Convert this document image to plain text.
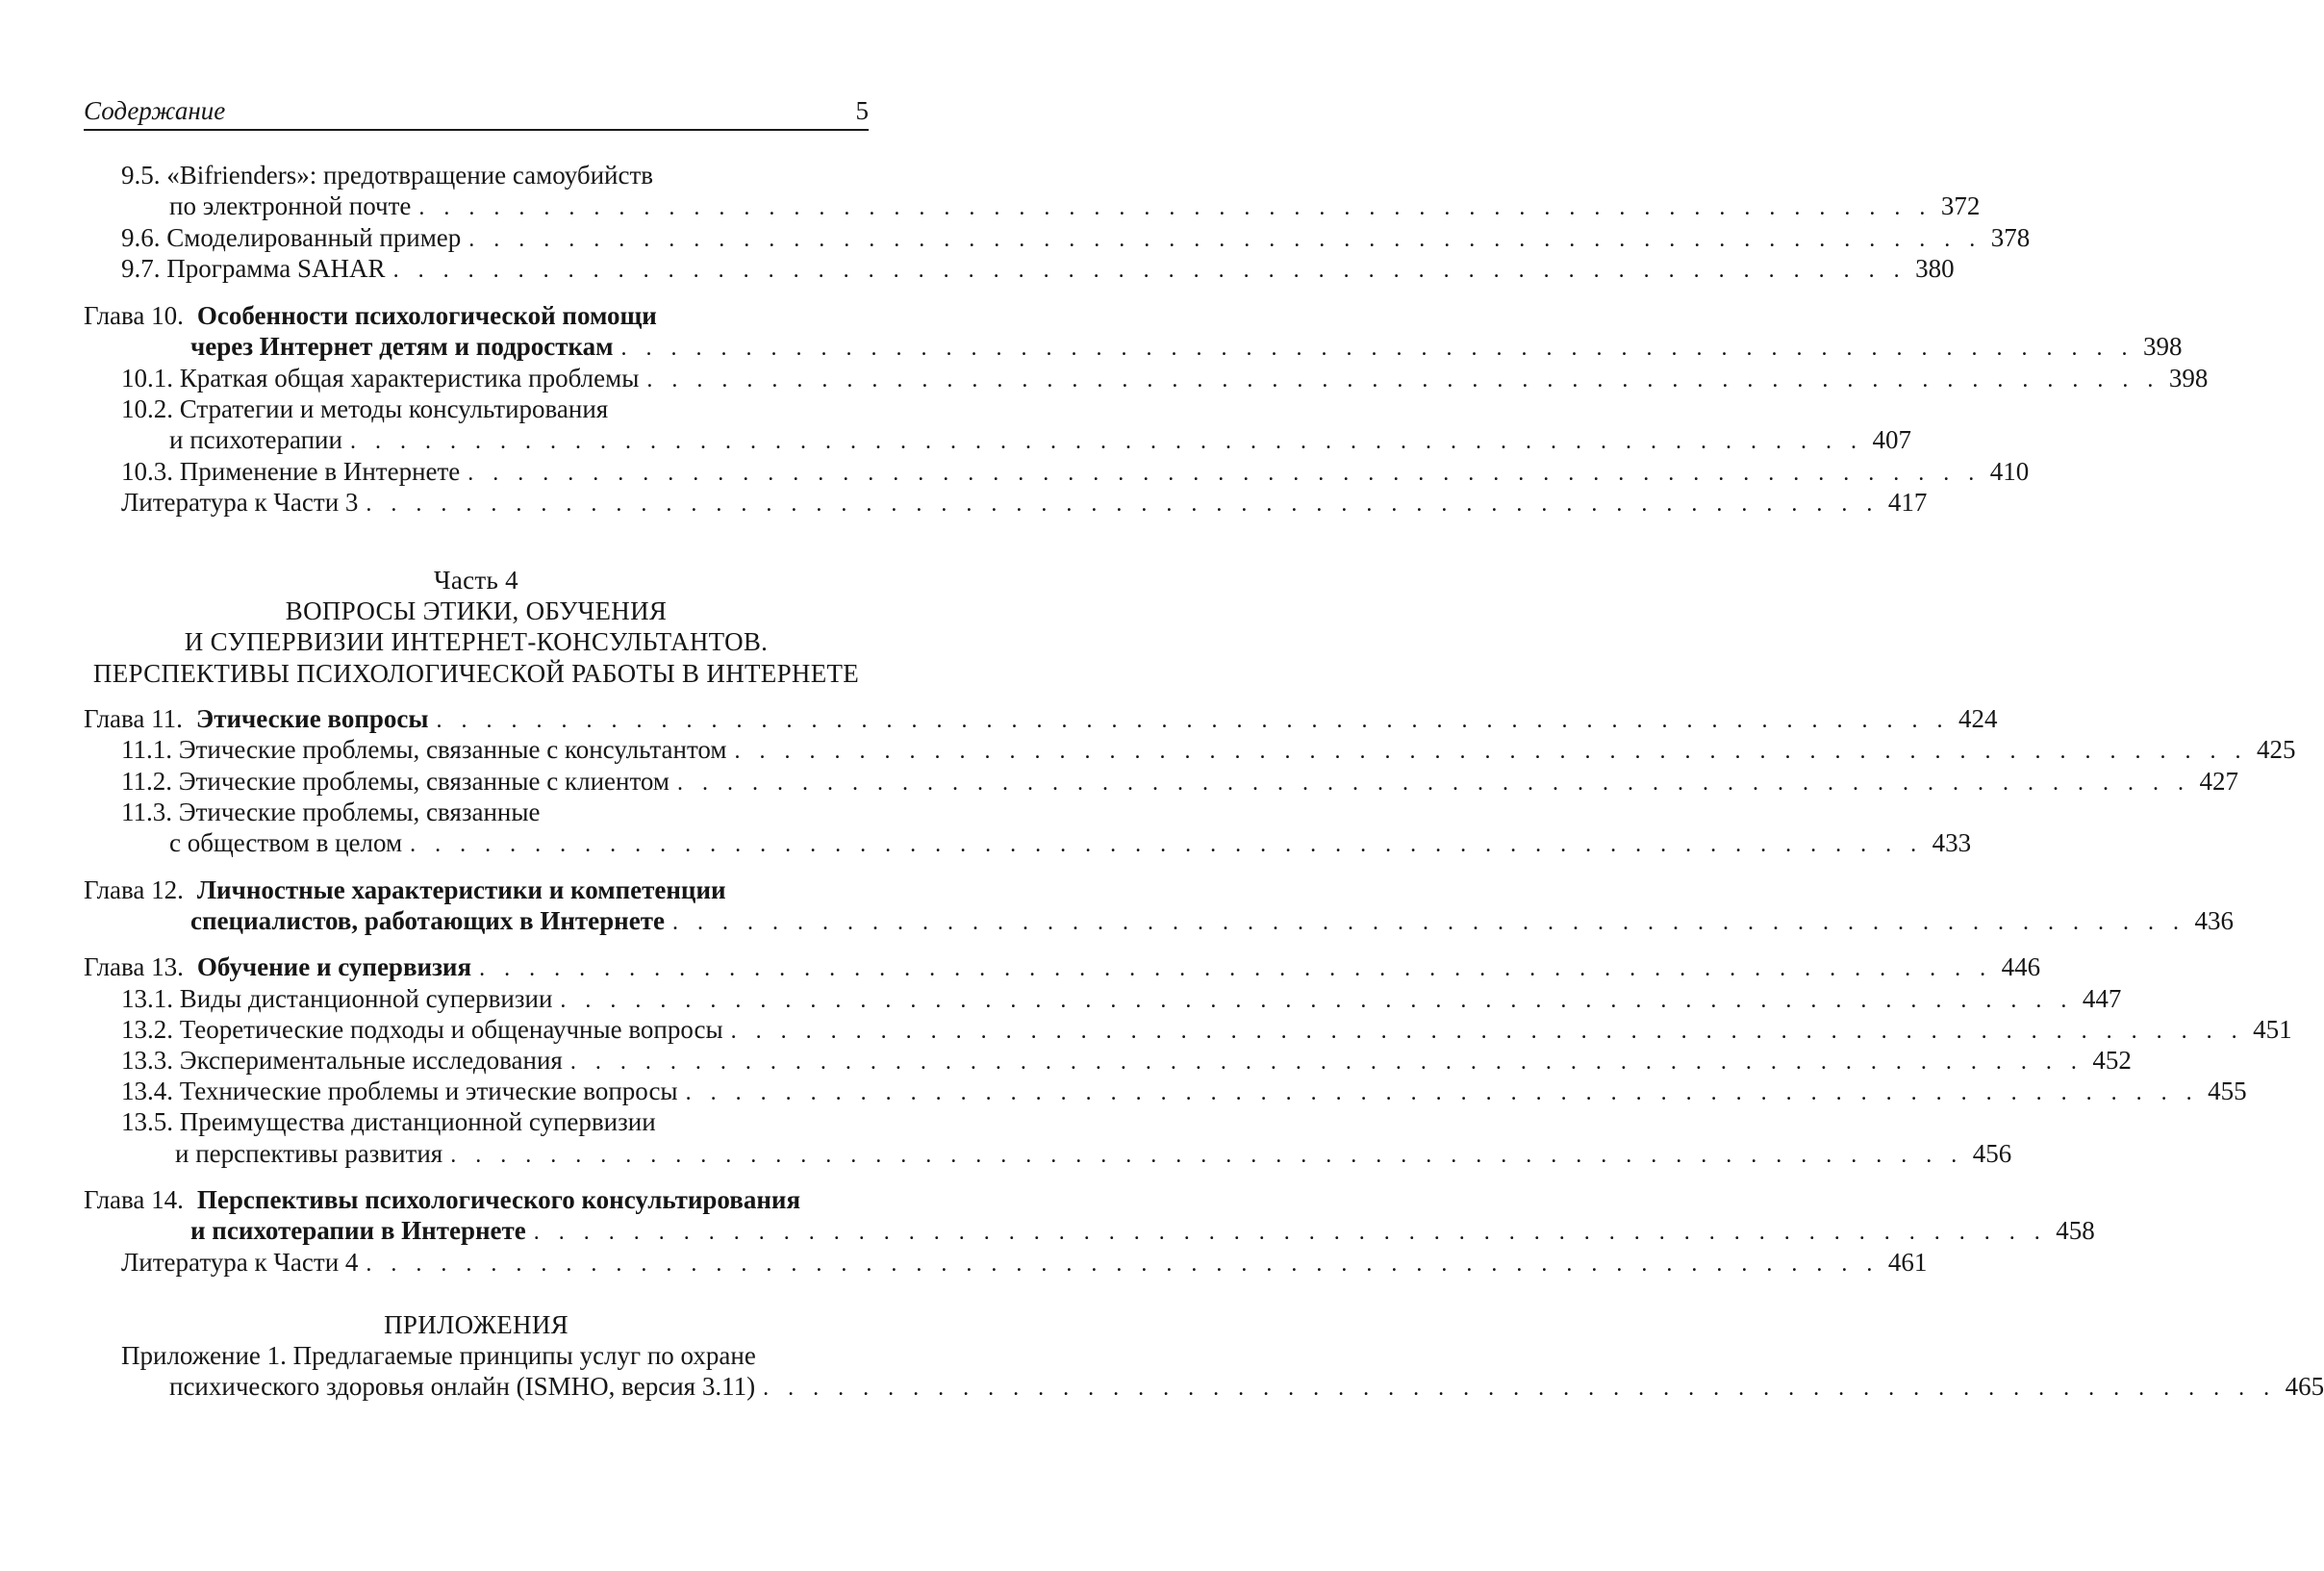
Содержание	5
9.5. «Bifrienders»: предотвращение самоубийств
по электронной почте . . . . . . . . . . . . . . . . . . . . . . . . . . . . . . . . . . . . . . . . . . . . . . . . . . . . . . . . . . . . . 372
9.6. Смоделированный пример . . . . . . . . . . . . . . . . . . . . . . . . . . . . . . . . . . . . . . . . . . . . . . . . . . . . . . . . . . . . . 378
9.7. Программа SAHAR . . . . . . . . . . . . . . . . . . . . . . . . . . . . . . . . . . . . . . . . . . . . . . . . . . . . . . . . . . . . . 380
Глава 10. Особенности психологической помощи
через Интернет детям и подросткам . . . . . . . . . . . . . . . . . . . . . . . . . . . . . . . . . . . . . . . . . . . . . . . . . . . . . . . . . . . . . 398
10.1. Краткая общая характеристика проблемы . . . . . . . . . . . . . . . . . . . . . . . . . . . . . . . . . . . . . . . . . . . . . . . . . . . . . . . . . . . . . 398
10.2. Стратегии и методы консультирования
и психотерапии . . . . . . . . . . . . . . . . . . . . . . . . . . . . . . . . . . . . . . . . . . . . . . . . . . . . . . . . . . . . . 407
10.3. Применение в Интернете . . . . . . . . . . . . . . . . . . . . . . . . . . . . . . . . . . . . . . . . . . . . . . . . . . . . . . . . . . . . . 410
Литература к Части 3 . . . . . . . . . . . . . . . . . . . . . . . . . . . . . . . . . . . . . . . . . . . . . . . . . . . . . . . . . . . . . 417
Часть 4
ВОПРОСЫ ЭТИКИ, ОБУЧЕНИЯ
И СУПЕРВИЗИИ ИНТЕРНЕТ-КОНСУЛЬТАНТОВ.
ПЕРСПЕКТИВЫ ПСИХОЛОГИЧЕСКОЙ РАБОТЫ В ИНТЕРНЕТЕ
Глава 11. Этические вопросы . . . . . . . . . . . . . . . . . . . . . . . . . . . . . . . . . . . . . . . . . . . . . . . . . . . . . . . . . . . . . 424
11.1. Этические проблемы, связанные с консультантом . . . . . . . . . . . . . . . . . . . . . . . . . . . . . . . . . . . . . . . . . . . . . . . . . . . . . . . . . . . . . 425
11.2. Этические проблемы, связанные с клиентом . . . . . . . . . . . . . . . . . . . . . . . . . . . . . . . . . . . . . . . . . . . . . . . . . . . . . . . . . . . . . 427
11.3. Этические проблемы, связанные
с обществом в целом . . . . . . . . . . . . . . . . . . . . . . . . . . . . . . . . . . . . . . . . . . . . . . . . . . . . . . . . . . . . . 433
Глава 12. Личностные характеристики и компетенции
специалистов, работающих в Интернете . . . . . . . . . . . . . . . . . . . . . . . . . . . . . . . . . . . . . . . . . . . . . . . . . . . . . . . . . . . . . 436
Глава 13. Обучение и супервизия . . . . . . . . . . . . . . . . . . . . . . . . . . . . . . . . . . . . . . . . . . . . . . . . . . . . . . . . . . . . . 446
13.1. Виды дистанционной супервизии . . . . . . . . . . . . . . . . . . . . . . . . . . . . . . . . . . . . . . . . . . . . . . . . . . . . . . . . . . . . . 447
13.2. Теоретические подходы и общенаучные вопросы . . . . . . . . . . . . . . . . . . . . . . . . . . . . . . . . . . . . . . . . . . . . . . . . . . . . . . . . . . . . . 451
13.3. Экспериментальные исследования . . . . . . . . . . . . . . . . . . . . . . . . . . . . . . . . . . . . . . . . . . . . . . . . . . . . . . . . . . . . . 452
13.4. Технические проблемы и этические вопросы . . . . . . . . . . . . . . . . . . . . . . . . . . . . . . . . . . . . . . . . . . . . . . . . . . . . . . . . . . . . . 455
13.5. Преимущества дистанционной супервизии
и перспективы развития . . . . . . . . . . . . . . . . . . . . . . . . . . . . . . . . . . . . . . . . . . . . . . . . . . . . . . . . . . . . . 456
Глава 14. Перспективы психологического консультирования
и психотерапии в Интернете . . . . . . . . . . . . . . . . . . . . . . . . . . . . . . . . . . . . . . . . . . . . . . . . . . . . . . . . . . . . . 458
Литература к Части 4 . . . . . . . . . . . . . . . . . . . . . . . . . . . . . . . . . . . . . . . . . . . . . . . . . . . . . . . . . . . . . 461
ПРИЛОЖЕНИЯ
Приложение 1. Предлагаемые принципы услуг по охране
психического здоровья онлайн (ISMHO, версия 3.11) . . . . . . . . . . . . . . . . . . . . . . . . . . . . . . . . . . . . . . . . . . . . . . . . . . . . . . . . . . . . . 465
